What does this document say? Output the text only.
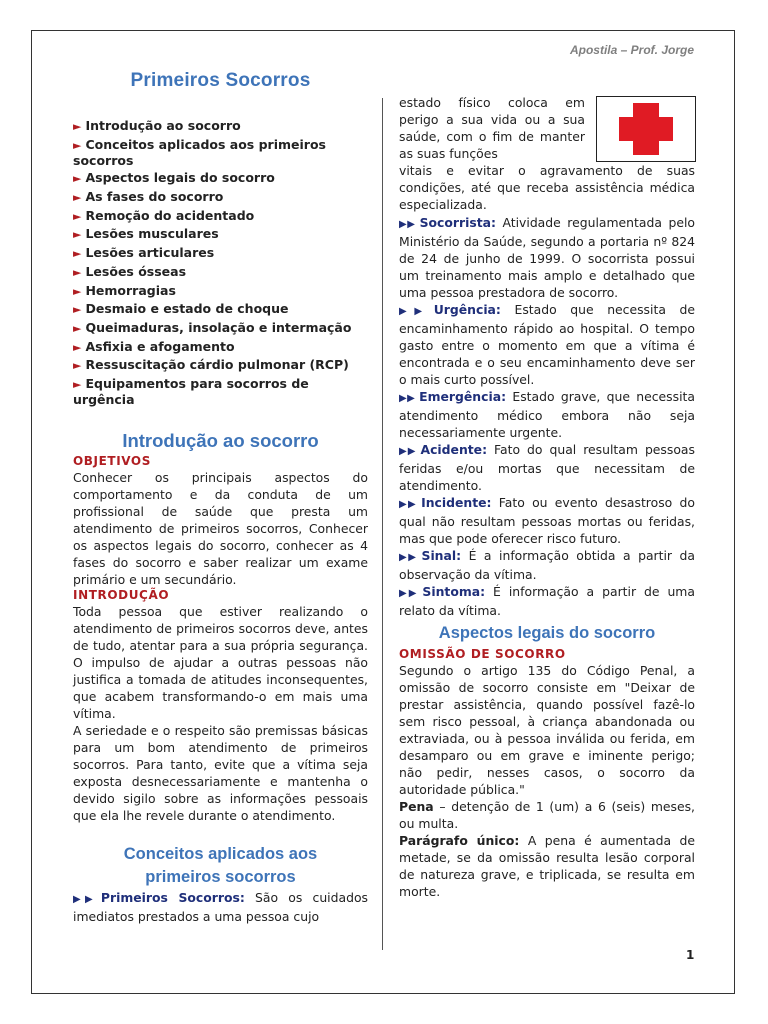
Apostila – Prof. Jorge
Primeiros Socorros
► Introdução ao socorro
► Conceitos aplicados aos primeiros socorros
► Aspectos legais do socorro
► As fases do socorro
► Remoção do acidentado
► Lesões musculares
► Lesões articulares
► Lesões ósseas
► Hemorragias
► Desmaio e estado de choque
► Queimaduras, insolação e intermação
► Asfixia e afogamento
► Ressuscitação cárdio pulmonar (RCP)
► Equipamentos para socorros de urgência
Introdução ao socorro
OBJETIVOS

Conhecer os principais aspectos do comportamento e da conduta de um profissional de saúde que presta um atendimento de primeiros socorros, Conhecer os aspectos legais do socorro, conhecer as 4 fases do socorro e saber realizar um exame primário e um secundário.

INTRODUÇÃO

Toda pessoa que estiver realizando o atendimento de primeiros socorros deve, antes de tudo, atentar para a sua própria segurança. O impulso de ajudar a outras pessoas não justifica a tomada de atitudes inconsequentes, que acabem transformando-o em mais uma vítima.

A seriedade e o respeito são premissas básicas para um bom atendimento de primeiros socorros. Para tanto, evite que a vítima seja exposta desnecessariamente e mantenha o devido sigilo sobre as informações pessoais que ela lhe revele durante o atendimento.

Conceitos aplicados aos
primeiros socorros

▶▶ Primeiros Socorros: São os cuidados imediatos prestados a uma pessoa cujo

estado físico coloca em perigo a sua vida ou a sua saúde, com o fim de manter as suas funções

vitais e evitar o agravamento de suas condições, até que receba assistência médica especializada.

▶▶ Socorrista: Atividade regulamentada pelo Ministério da Saúde, segundo a portaria nº 824 de 24 de junho de 1999. O socorrista possui um treinamento mais amplo e detalhado que uma pessoa prestadora de socorro.

▶▶ Urgência: Estado que necessita de encaminhamento rápido ao hospital. O tempo gasto entre o momento em que a vítima é encontrada e o seu encaminhamento deve ser o mais curto possível.

▶▶ Emergência: Estado grave, que necessita atendimento médico embora não seja necessariamente urgente.

▶▶ Acidente: Fato do qual resultam pessoas feridas e/ou mortas que necessitam de atendimento.

▶▶ Incidente: Fato ou evento desastroso do qual não resultam pessoas mortas ou feridas, mas que pode oferecer risco futuro.

▶▶ Sinal: É a informação obtida a partir da observação da vítima.

▶▶ Sintoma: É informação a partir de uma relato da vítima.

Aspectos legais do socorro
OMISSÃO DE SOCORRO

Segundo o artigo 135 do Código Penal, a omissão de socorro consiste em "Deixar de prestar assistência, quando possível fazê-lo sem risco pessoal, à criança abandonada ou extraviada, ou à pessoa inválida ou ferida, em desamparo ou em grave e iminente perigo; não pedir, nesses casos, o socorro da autoridade pública."

Pena – detenção de 1 (um) a 6 (seis) meses, ou multa.

Parágrafo único: A pena é aumentada de metade, se da omissão resulta lesão corporal de natureza grave, e triplicada, se resulta em morte.

1
